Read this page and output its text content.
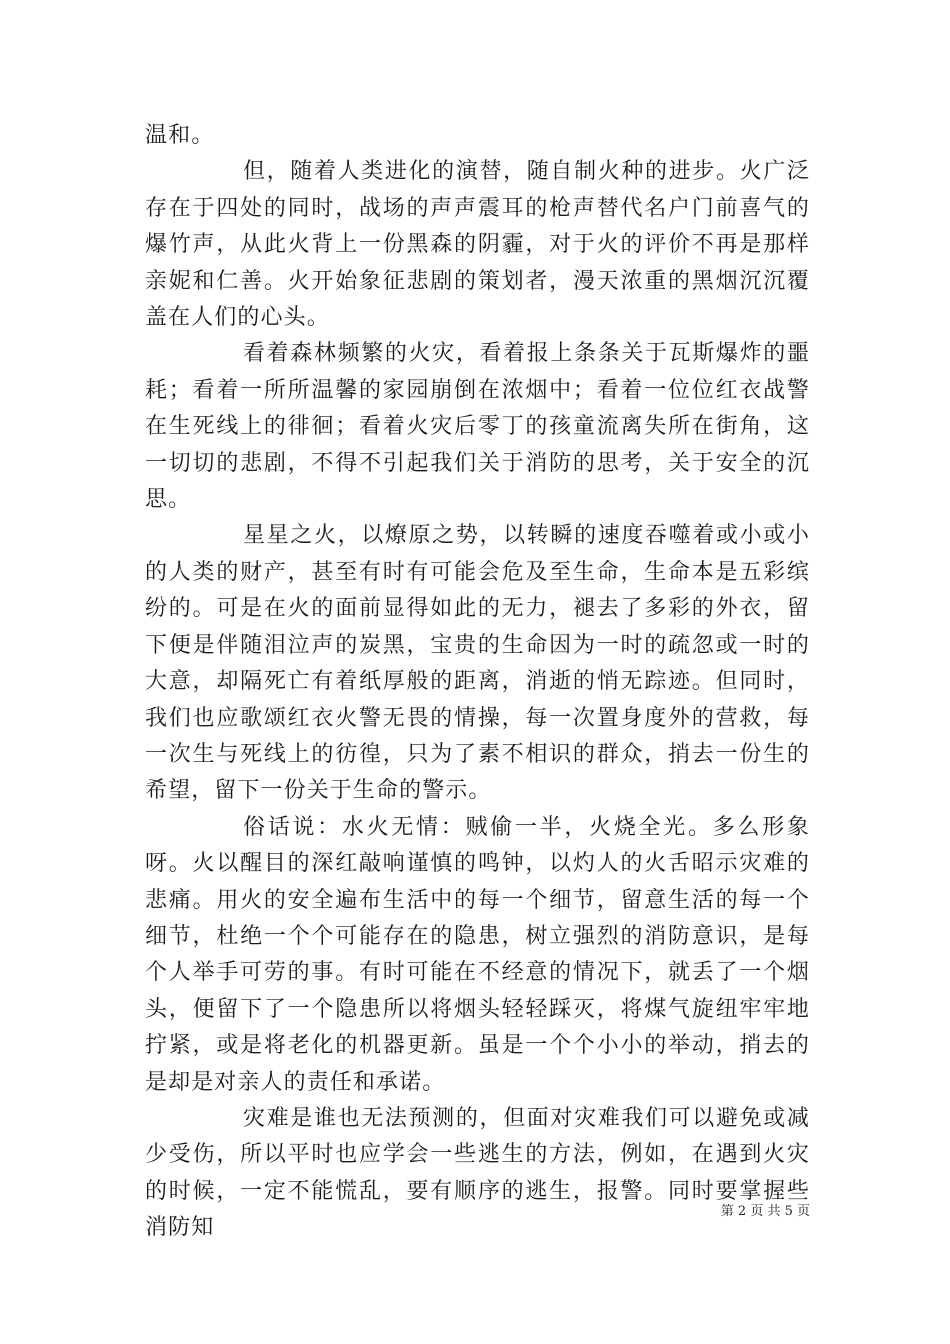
温和。

但，随着人类进化的演替，随自制火种的进步。火广泛存在于四处的同时，战场的声声震耳的枪声替代名户门前喜气的爆竹声，从此火背上一份黑森的阴霾，对于火的评价不再是那样亲妮和仁善。火开始象征悲剧的策划者，漫天浓重的黑烟沉沉覆盖在人们的心头。

看着森林频繁的火灾，看着报上条条关于瓦斯爆炸的噩耗；看着一所所温馨的家园崩倒在浓烟中；看着一位位红衣战警在生死线上的徘徊；看着火灾后零丁的孩童流离失所在街角，这一切切的悲剧，不得不引起我们关于消防的思考，关于安全的沉思。

星星之火，以燎原之势，以转瞬的速度吞噬着或小或小的人类的财产，甚至有时有可能会危及至生命，生命本是五彩缤纷的。可是在火的面前显得如此的无力，褪去了多彩的外衣，留下便是伴随泪泣声的炭黑，宝贵的生命因为一时的疏忽或一时的大意，却隔死亡有着纸厚般的距离，消逝的悄无踪迹。但同时，我们也应歌颂红衣火警无畏的情操，每一次置身度外的营救，每一次生与死线上的彷徨，只为了素不相识的群众，捎去一份生的希望，留下一份关于生命的警示。

俗话说：水火无情：贼偷一半，火烧全光。多么形象呀。火以醒目的深红敲响谨慎的鸣钟，以灼人的火舌昭示灾难的悲痛。用火的安全遍布生活中的每一个细节，留意生活的每一个细节，杜绝一个个可能存在的隐患，树立强烈的消防意识，是每个人举手可劳的事。有时可能在不经意的情况下，就丢了一个烟头，便留下了一个隐患所以将烟头轻轻踩灭，将煤气旋纽牢牢地拧紧，或是将老化的机器更新。虽是一个个小小的举动，捎去的是却是对亲人的责任和承诺。

灾难是谁也无法预测的，但面对灾难我们可以避免或减少受伤，所以平时也应学会一些逃生的方法，例如，在遇到火灾的时候，一定不能慌乱，要有顺序的逃生，报警。同时要掌握些消防知

第 2 页 共 5 页
